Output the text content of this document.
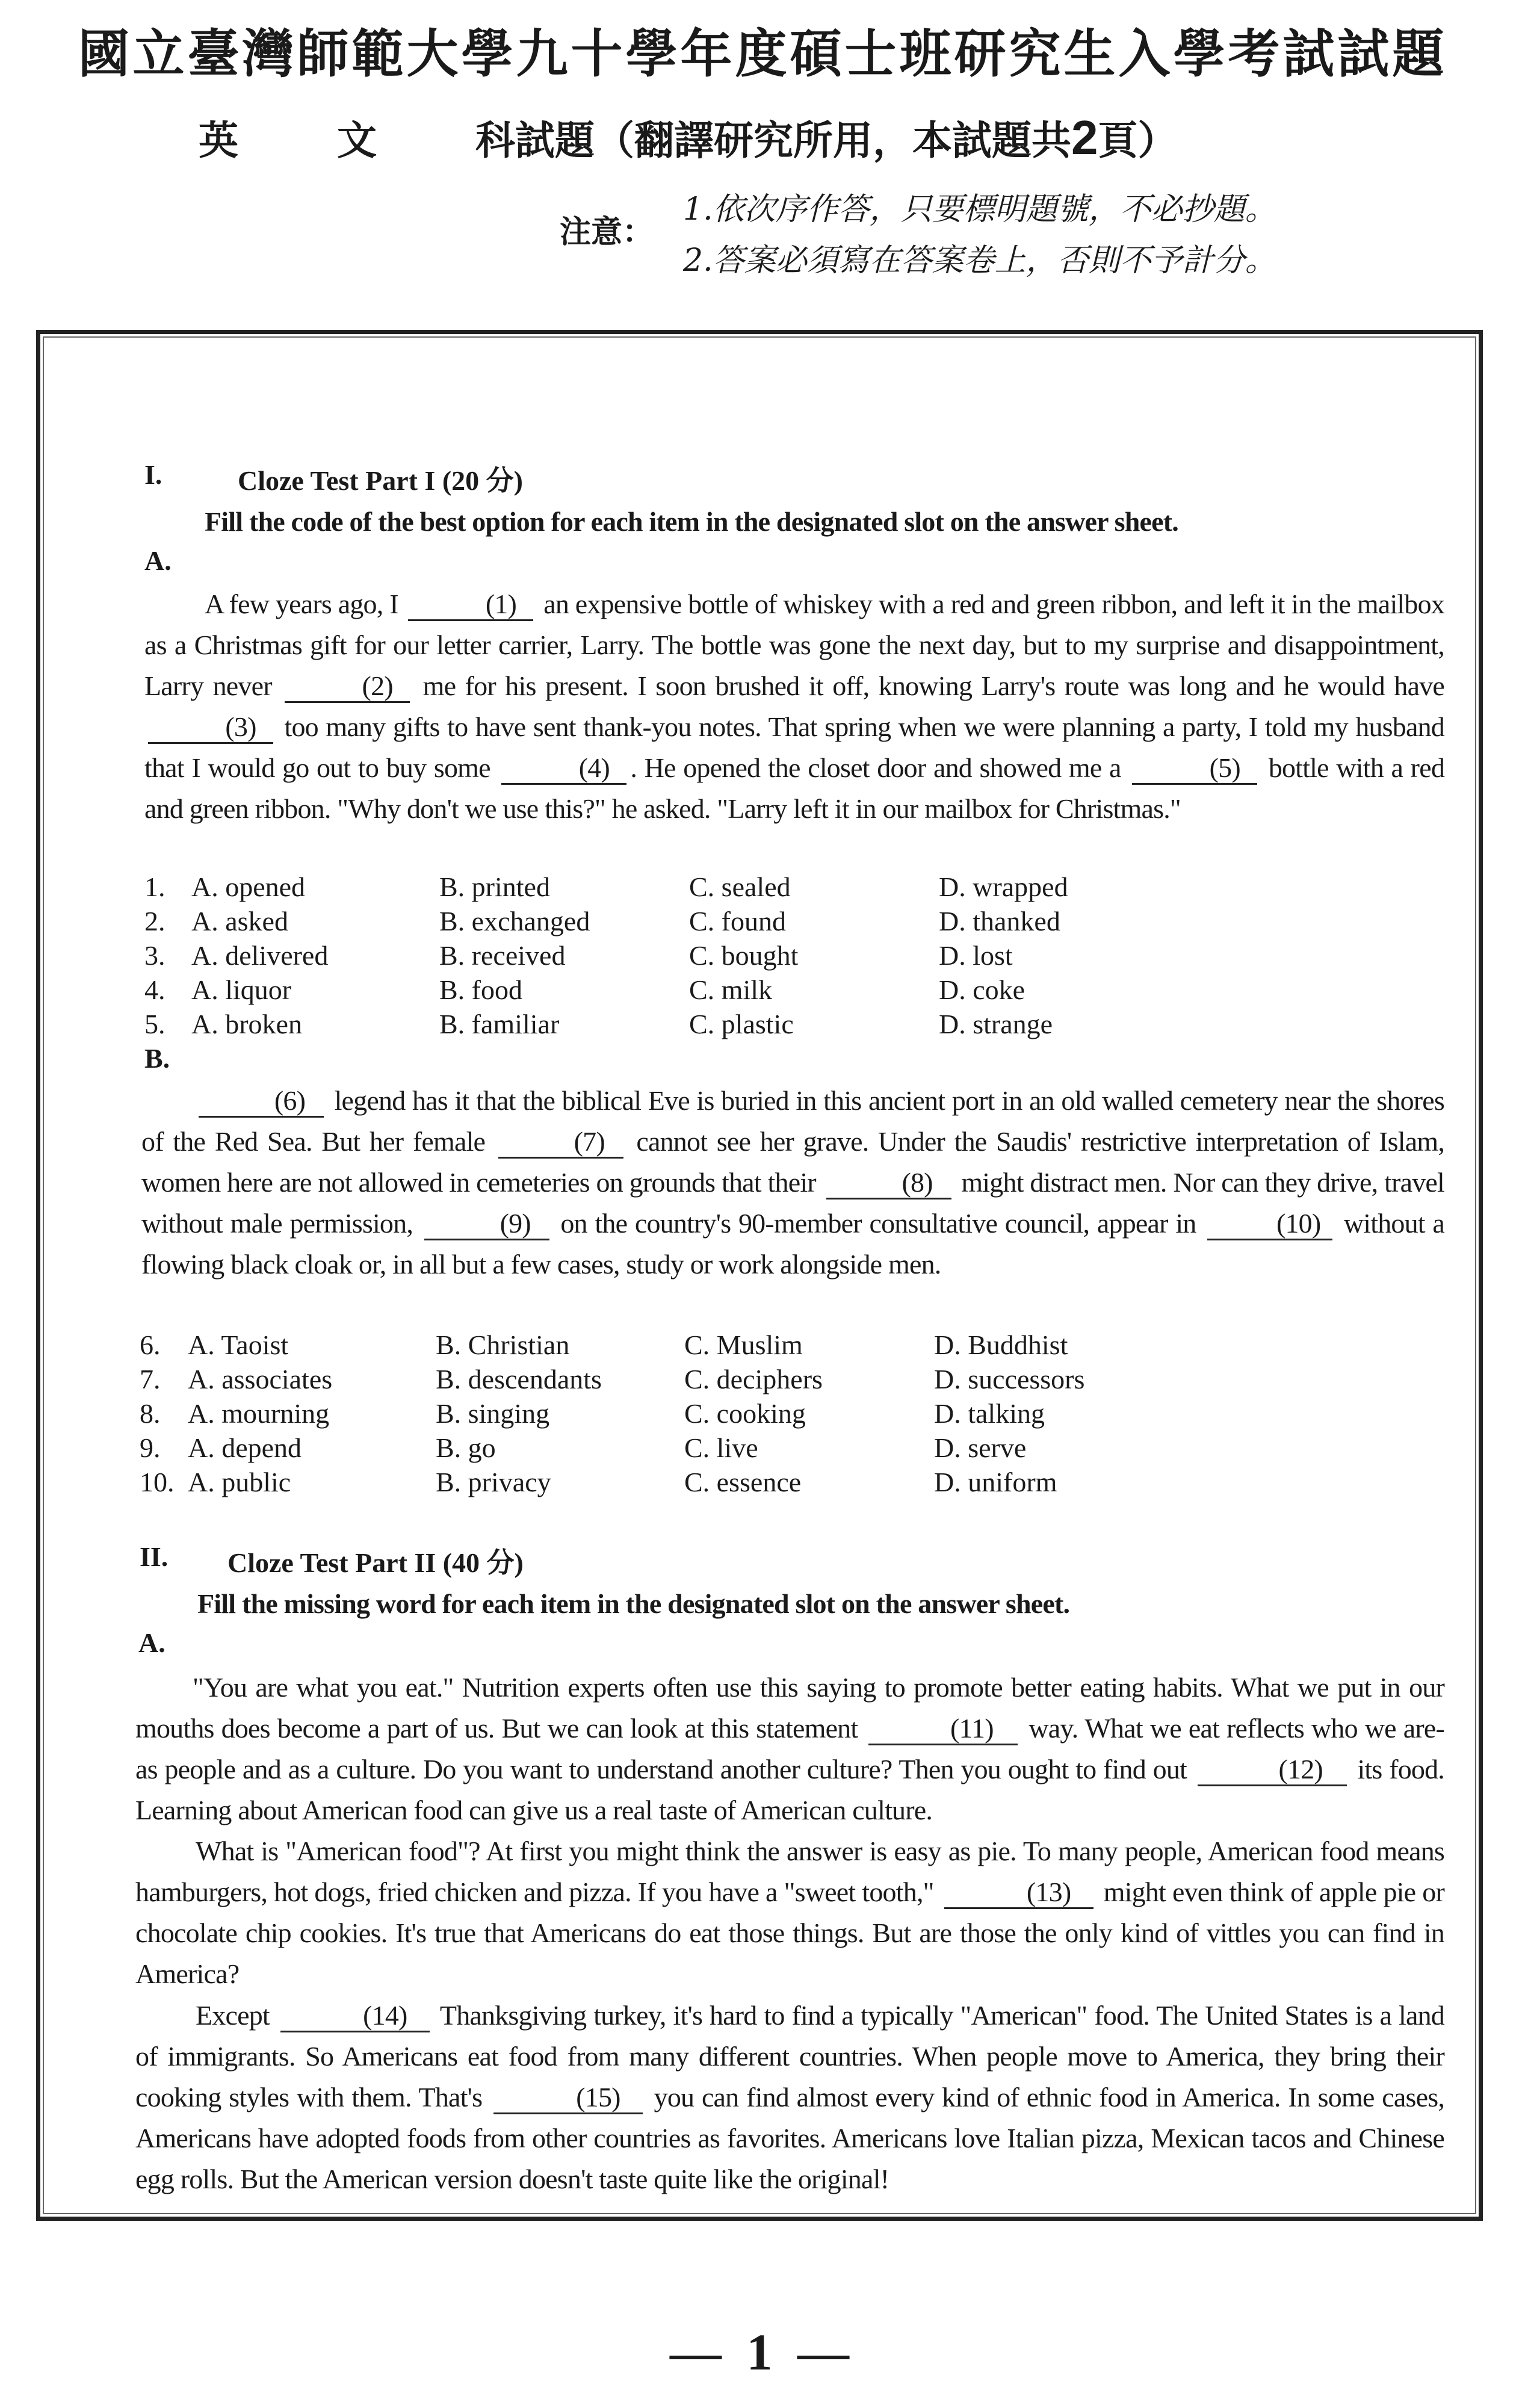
國立臺灣師範大學九十學年度碩士班研究生入學考試試題
英 文 科試題（翻譯研究所用，本試題共2頁）
注意：
1.依次序作答，只要標明題號，不必抄題。
2.答案必須寫在答案卷上，否則不予計分。
I.	Cloze Test Part I (20 分)
Fill the code of the best option for each item in the designated slot on the answer sheet.
A.
A few years ago, I	(1) an expensive bottle of whiskey with a red and green ribbon, and left it in the mailbox as a Christmas gift for our letter carrier, Larry. The bottle was gone the next day, but to my surprise and disappointment, Larry never	(2) me for his present. I soon brushed it off, knowing Larry's route was long and he would have (3) too many gifts to have sent thank-you notes. That spring when we were planning a party, I told my husband that I would go out to buy some	(4) . He opened the closet door and showed me a	(5) bottle with a red and green ribbon. "Why don't we use this?" he asked. "Larry left it in our mailbox for Christmas."
1. A. opened	B. printed	C. sealed	D. wrapped
2. A. asked	B. exchanged	C. found	D. thanked
3. A. delivered	B. received	C. bought	D. lost
4. A. liquor	B. food	C. milk	D. coke
5. A. broken	B. familiar	C. plastic	D. strange
B.
(6) legend has it that the biblical Eve is buried in this ancient port in an old walled cemetery near the shores of the Red Sea. But her female	(7) cannot see her grave. Under the Saudis' restrictive interpretation of Islam, women here are not allowed in cemeteries on grounds that their	(8) might distract men. Nor can they drive, travel without male permission,	(9) on the country's 90-member consultative council, appear in	(10) without a flowing black cloak or, in all but a few cases, study or work alongside men.
6. A. Taoist	B. Christian	C. Muslim	D. Buddhist
7. A. associates	B. descendants	C. deciphers	D. successors
8. A. mourning	B. singing	C. cooking	D. talking
9. A. depend	B. go	C. live	D. serve
10. A. public	B. privacy	C. essence	D. uniform
II. Cloze Test Part II (40 分)
Fill the missing word for each item in the designated slot on the answer sheet.
A.
"You are what you eat." Nutrition experts often use this saying to promote better eating habits. What we put in our mouths does become a part of us. But we can look at this statement	(11) way. What we eat reflects who we are-as people and as a culture. Do you want to understand another culture? Then you ought to find out	(12) its food. Learning about American food can give us a real taste of American culture.
What is "American food"? At first you might think the answer is easy as pie. To many people, American food means hamburgers, hot dogs, fried chicken and pizza. If you have a "sweet tooth,"	(13) might even think of apple pie or chocolate chip cookies. It's true that Americans do eat those things. But are those the only kind of vittles you can find in America?
Except	(14) Thanksgiving turkey, it's hard to find a typically "American" food. The United States is a land of immigrants. So Americans eat food from many different countries. When people move to America, they bring their cooking styles with them. That's	(15) you can find almost every kind of ethnic food in America. In some cases, Americans have adopted foods from other countries as favorites. Americans love Italian pizza, Mexican tacos and Chinese egg rolls. But the American version doesn't taste quite like the original!
— 1 —
